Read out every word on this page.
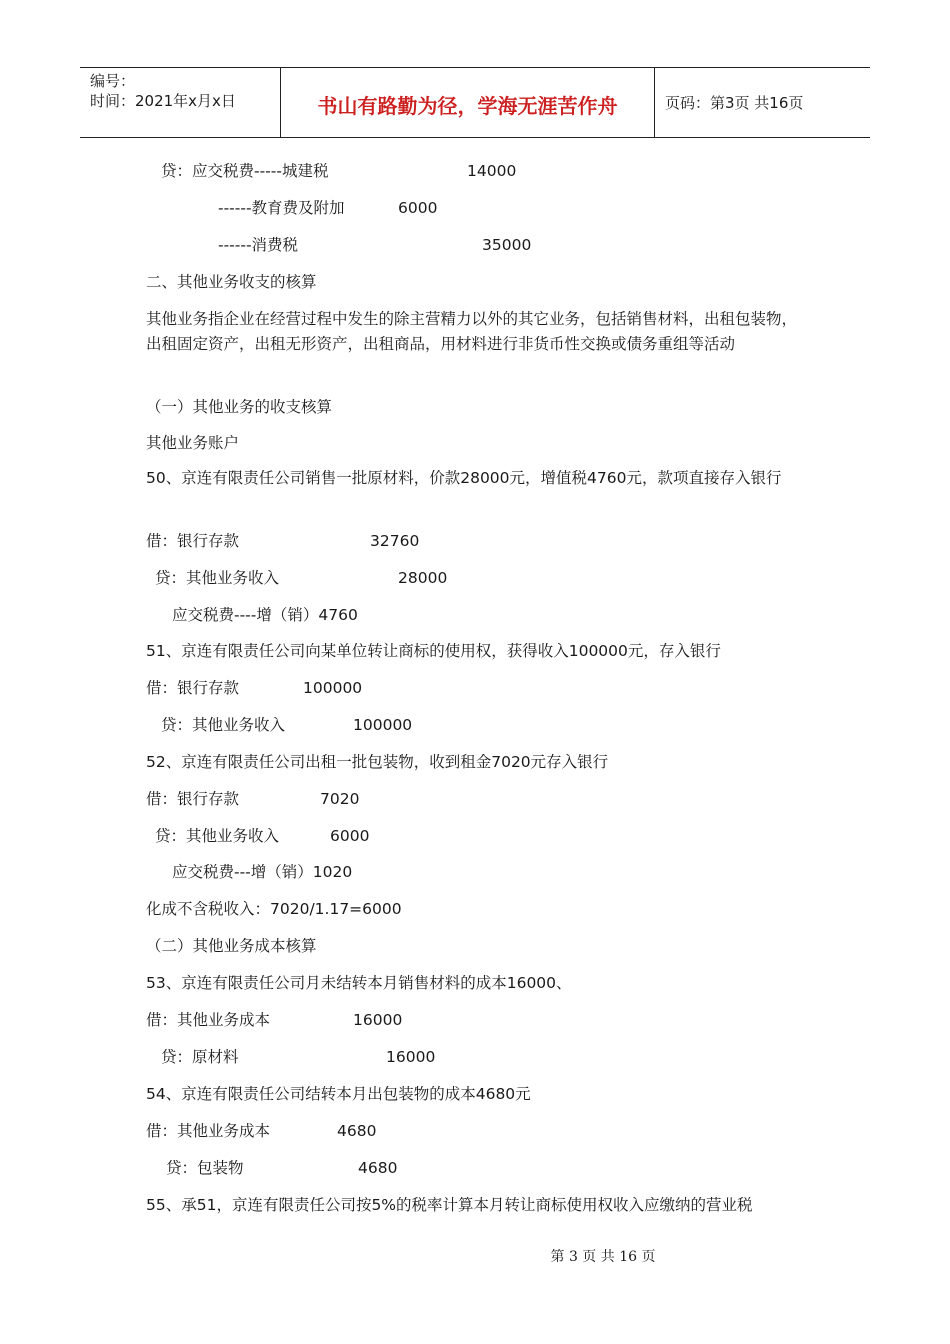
编号：
时间：2021年x月x日	书山有路勤为径，学海无涯苦作舟	页码：第3页 共16页
贷：应交税费-----城建税	14000
------教育费及附加	6000
------消费税	35000
二、其他业务收支的核算
其他业务指企业在经营过程中发生的除主营精力以外的其它业务，包括销售材料，出租包装物，出租固定资产，出租无形资产，出租商品，用材料进行非货币性交换或债务重组等活动
（一）其他业务的收支核算
其他业务账户
50、京连有限责任公司销售一批原材料，价款28000元，增值税4760元，款项直接存入银行
借：银行存款	32760
贷：其他业务收入	28000
应交税费----增（销）4760
51、京连有限责任公司向某单位转让商标的使用权，获得收入100000元，存入银行
借：银行存款	100000
贷：其他业务收入	100000
52、京连有限责任公司出租一批包装物，收到租金7020元存入银行
借：银行存款	7020
贷：其他业务收入	6000
应交税费---增（销）1020
化成不含税收入：7020/1.17=6000
（二）其他业务成本核算
53、京连有限责任公司月未结转本月销售材料的成本16000、
借：其他业务成本	16000
贷：原材料	16000
54、京连有限责任公司结转本月出包装物的成本4680元
借：其他业务成本	4680
贷：包装物	4680
55、承51，京连有限责任公司按5%的税率计算本月转让商标使用权收入应缴纳的营业税
第 3 页 共 16 页
